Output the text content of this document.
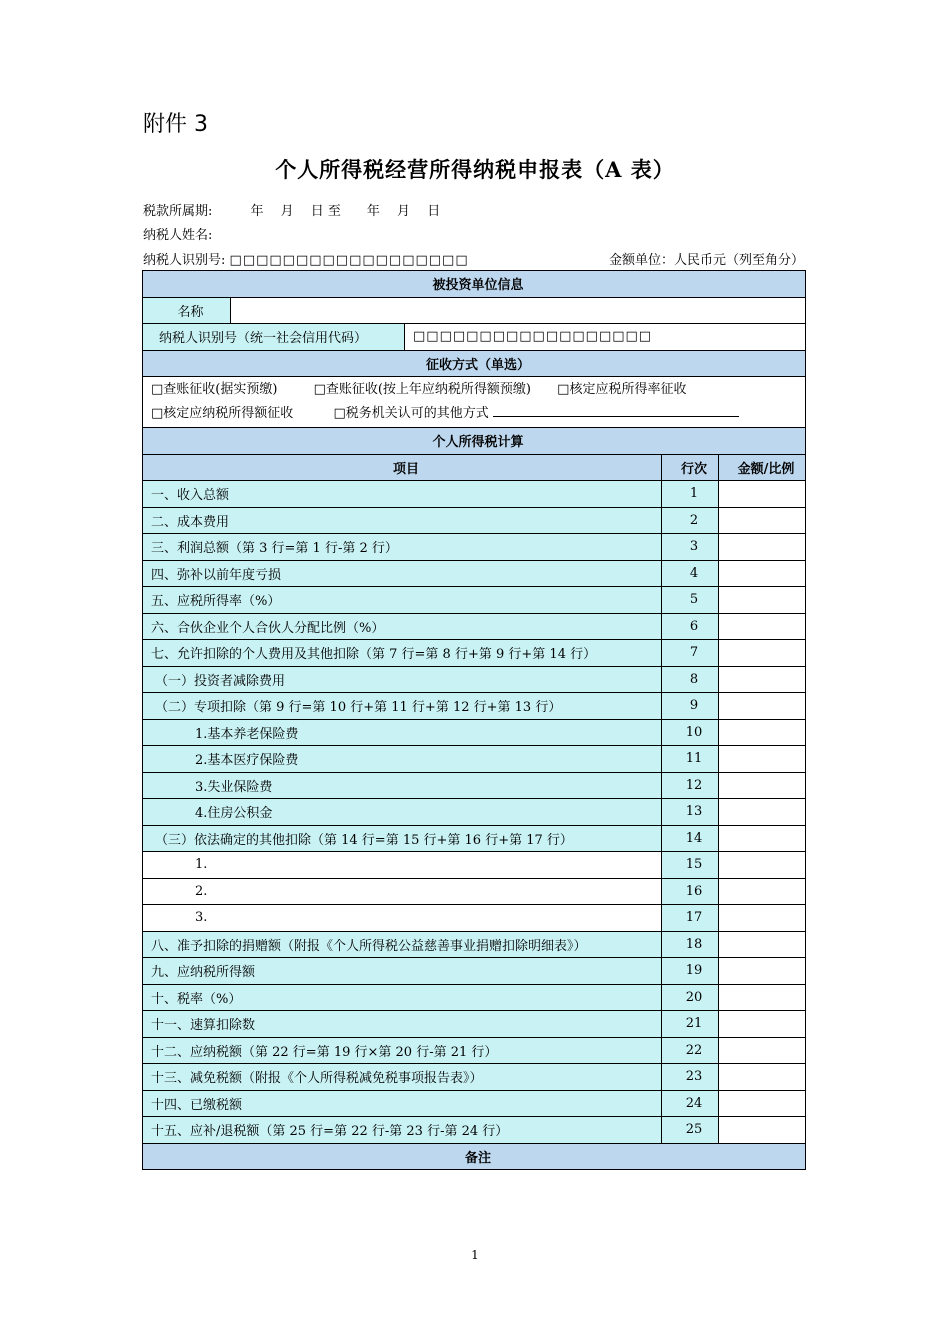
附件 3
个人所得税经营所得纳税申报表（A 表）
税款所属期:	年　 月　 日 至　　年　 月　 日
纳税人姓名:
纳税人识别号: □□□□□□□□□□□□□□□□□□	金额单位：人民币元（列至角分）
被投资单位信息				
名称				
纳税人识别号（统一社会信用代码）		□□□□□□□□□□□□□□□□□□		
征收方式（单选）				

□查账征收(据实预缴) □查账征收(按上年应纳税所得额预缴) □核定应税所得率征收
□核定应纳税所得额征收 □税务机关认可的其他方式				

个人所得税计算				
项目			行次	金额/比例
一、收入总额			1	
二、成本费用			2	
三、利润总额（第 3 行=第 1 行-第 2 行）			3	
四、弥补以前年度亏损			4	
五、应税所得率（%）			5	
六、合伙企业个人合伙人分配比例（%）			6	
七、允许扣除的个人费用及其他扣除（第 7 行=第 8 行+第 9 行+第 14 行）			7	
（一）投资者减除费用			8	
（二）专项扣除（第 9 行=第 10 行+第 11 行+第 12 行+第 13 行）			9	
1.基本养老保险费			10	
2.基本医疗保险费			11	
3.失业保险费			12	
4.住房公积金			13	
（三）依法确定的其他扣除（第 14 行=第 15 行+第 16 行+第 17 行）			14	
1.			15	
2.			16	
3.			17	
八、准予扣除的捐赠额（附报《个人所得税公益慈善事业捐赠扣除明细表》）			18	
九、应纳税所得额			19	
十、税率（%）			20	
十一、速算扣除数			21	
十二、应纳税额（第 22 行=第 19 行×第 20 行-第 21 行）			22	
十三、减免税额（附报《个人所得税减免税事项报告表》）			23	
十四、已缴税额			24	
十五、应补/退税额（第 25 行=第 22 行-第 23 行-第 24 行）			25	
备注				
1
